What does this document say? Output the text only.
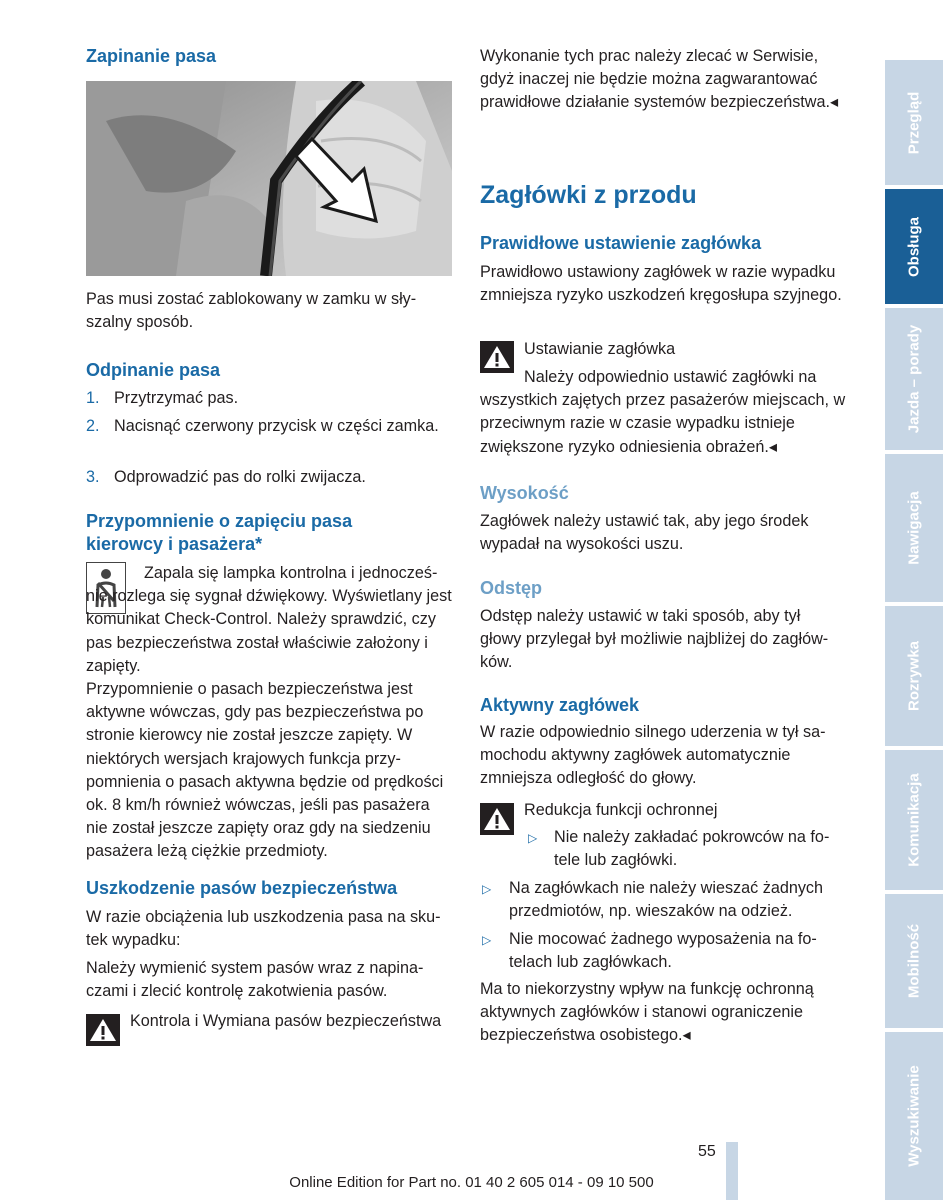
Zapinanie pasa

Pas musi zostać zablokowany w zamku w słyszalny sposób.

Odpinanie pasa
1. Przytrzymać pas.
2. Nacisnąć czerwony przycisk w części zamka.
3. Odprowadzić pas do rolki zwijacza.
Przypomnienie o zapięciu pasa
kierowcy i pasażera*

Zapala się lampka kontrolna i jednocześnie rozlega się sygnał dźwiękowy. Wyświetlany jest komunikat Check-Control. Należy sprawdzić, czy pas bezpieczeństwa został właściwie założony i zapięty.

Przypomnienie o pasach bezpieczeństwa jest aktywne wówczas, gdy pas bezpieczeństwa po stronie kierowcy nie został jeszcze zapięty. W niektórych wersjach krajowych funkcja przypomnienia o pasach aktywna będzie od prędkości ok. 8 km/h również wówczas, jeśli pas pasażera nie został jeszcze zapięty oraz gdy na siedzeniu pasażera leżą ciężkie przedmioty.

Uszkodzenie pasów bezpieczeństwa

W razie obciążenia lub uszkodzenia pasa na skutek wypadku:

Należy wymienić system pasów wraz z napinaczami i zlecić kontrolę zakotwienia pasów.

Kontrola i Wymiana pasów bezpieczeństwa

Wykonanie tych prac należy zlecać w Serwisie, gdyż inaczej nie będzie można zagwarantować prawidłowe działanie systemów bezpieczeństwa.◂

Zagłówki z przodu
Prawidłowe ustawienie zagłówka

Prawidłowo ustawiony zagłówek w razie wypadku zmniejsza ryzyko uszkodzeń kręgosłupa szyjnego.

Ustawianie zagłówka

Należy odpowiednio ustawić zagłówki na wszystkich zajętych przez pasażerów miejscach, w przeciwnym razie w czasie wypadku istnieje zwiększone ryzyko odniesienia obrażeń.◂

Wysokość

Zagłówek należy ustawić tak, aby jego środek wypadał na wysokości uszu.

Odstęp

Odstęp należy ustawić w taki sposób, aby tył głowy przylegał był możliwie najbliżej do zagłówków.

Aktywny zagłówek

W razie odpowiednio silnego uderzenia w tył samochodu aktywny zagłówek automatycznie zmniejsza odległość do głowy.

Redukcja funkcji ochronnej

▷ Nie należy zakładać pokrowców na fotele lub zagłówki.

▷ Na zagłówkach nie należy wieszać żadnych przedmiotów, np. wieszaków na odzież.

▷ Nie mocować żadnego wyposażenia na fotelach lub zagłówkach.

Ma to niekorzystny wpływ na funkcję ochronną aktywnych zagłówków i stanowi ograniczenie bezpieczeństwa osobistego.◂

Przegląd
Obsługa
Jazda – porady
Nawigacja
Rozrywka
Komunikacja
Mobilność
Wyszukiwanie
55
Online Edition for Part no. 01 40 2 605 014 - 09 10 500
